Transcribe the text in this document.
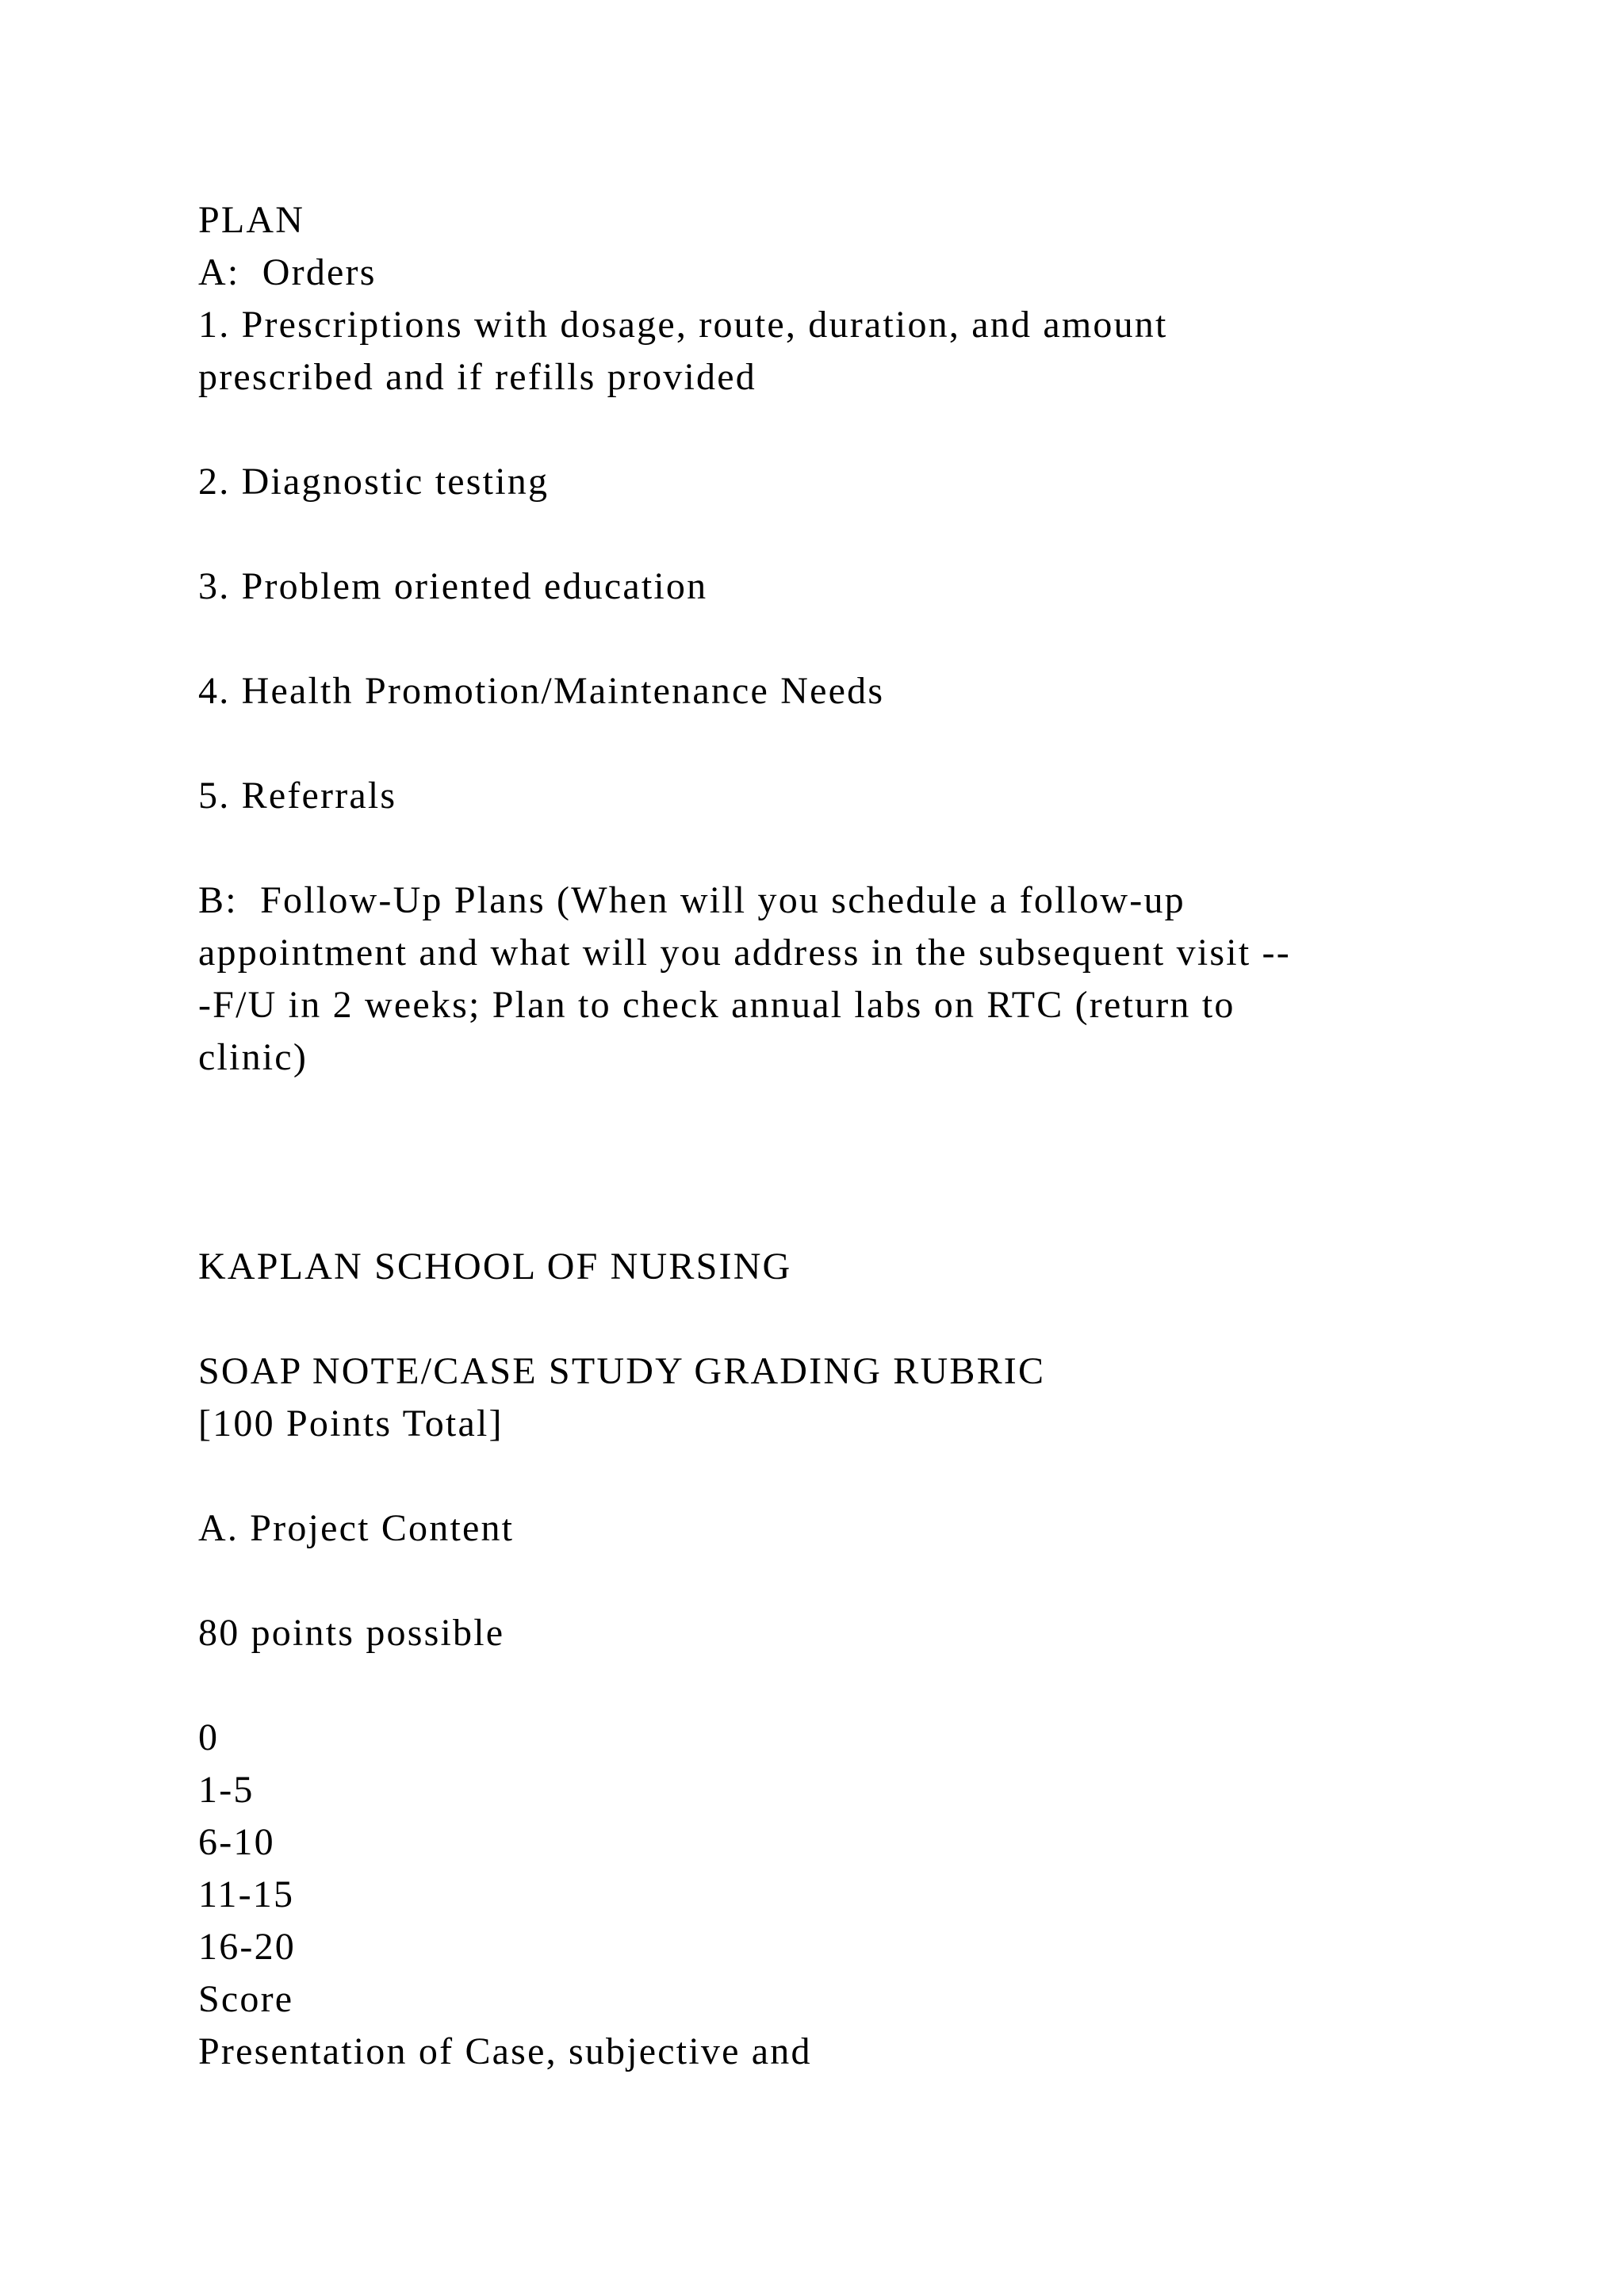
PLAN
A:  Orders
1. Prescriptions with dosage, route, duration, and amount
prescribed and if refills provided
2. Diagnostic testing
3. Problem oriented education
4. Health Promotion/Maintenance Needs
5. Referrals
B:  Follow-Up Plans (When will you schedule a follow-up
appointment and what will you address in the subsequent visit --
-F/U in 2 weeks; Plan to check annual labs on RTC (return to
clinic)
KAPLAN SCHOOL OF NURSING
SOAP NOTE/CASE STUDY GRADING RUBRIC
[100 Points Total]
A. Project Content
80 points possible
0
1-5
6-10
11-15
16-20
Score
Presentation of Case, subjective and
